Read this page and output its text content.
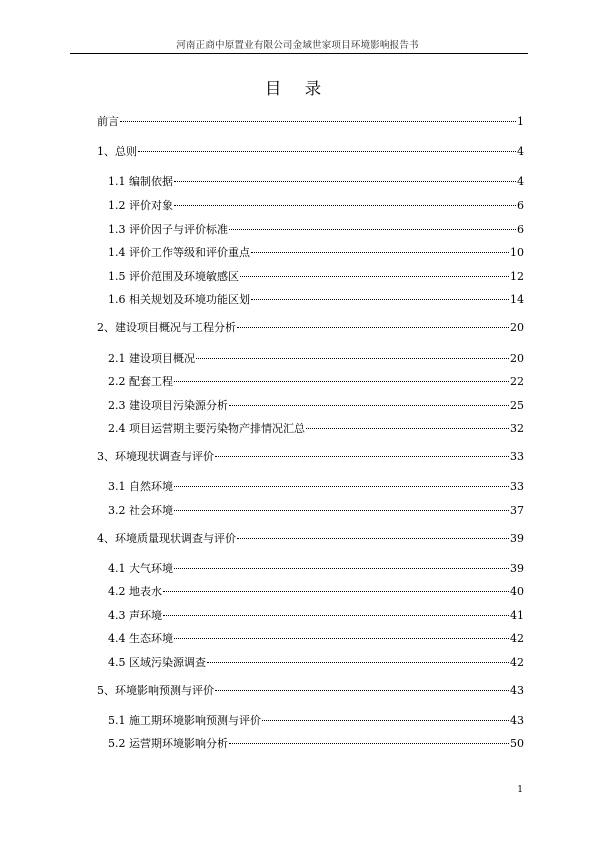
河南正商中原置业有限公司金域世家项目环境影响报告书
目 录
前言	1
1、总则	4
1.1 编制依据	4
1.2 评价对象	6
1.3 评价因子与评价标准	6
1.4 评价工作等级和评价重点	10
1.5 评价范围及环境敏感区	12
1.6 相关规划及环境功能区划	14
2、建设项目概况与工程分析	20
2.1 建设项目概况	20
2.2 配套工程	22
2.3 建设项目污染源分析	25
2.4 项目运营期主要污染物产排情况汇总	32
3、环境现状调查与评价	33
3.1 自然环境	33
3.2 社会环境	37
4、环境质量现状调查与评价	39
4.1 大气环境	39
4.2 地表水	40
4.3 声环境	41
4.4 生态环境	42
4.5 区域污染源调查	42
5、环境影响预测与评价	43
5.1 施工期环境影响预测与评价	43
5.2 运营期环境影响分析	50
1
